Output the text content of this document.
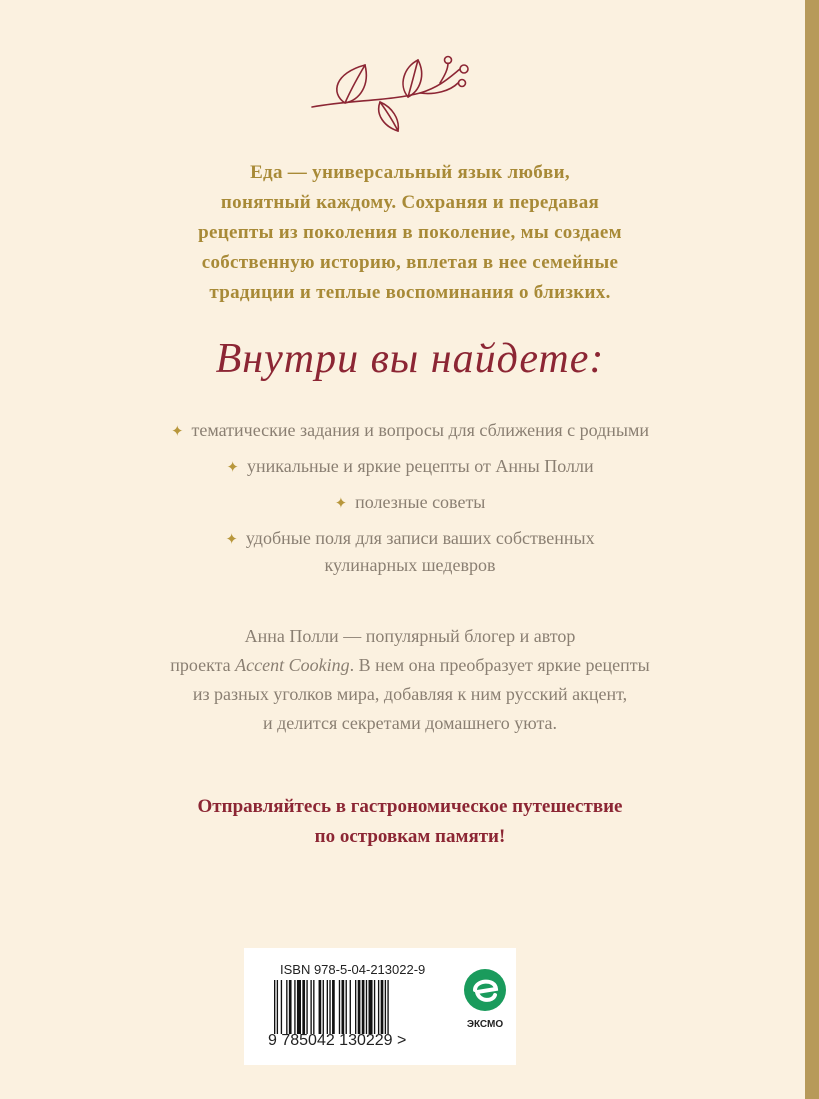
Еда — универсальный язык любви,
понятный каждому. Сохраняя и передавая
рецепты из поколения в поколение, мы создаем
собственную историю, вплетая в нее семейные
традиции и теплые воспоминания о близких.
Внутри вы найдете:
✦ тематические задания и вопросы для сближения с родными
✦ уникальные и яркие рецепты от Анны Полли
✦ полезные советы
✦ удобные поля для записи ваших собственных
кулинарных шедевров
Анна Полли — популярный блогер и автор
проекта Accent Cooking. В нем она преобразует яркие рецепты
из разных уголков мира, добавляя к ним русский акцент,
и делится секретами домашнего уюта.
Отправляйтесь в гастрономическое путешествие
по островкам памяти!
ISBN 978-5-04-213022-9
9 785042 130229 >
ЭКСМО
